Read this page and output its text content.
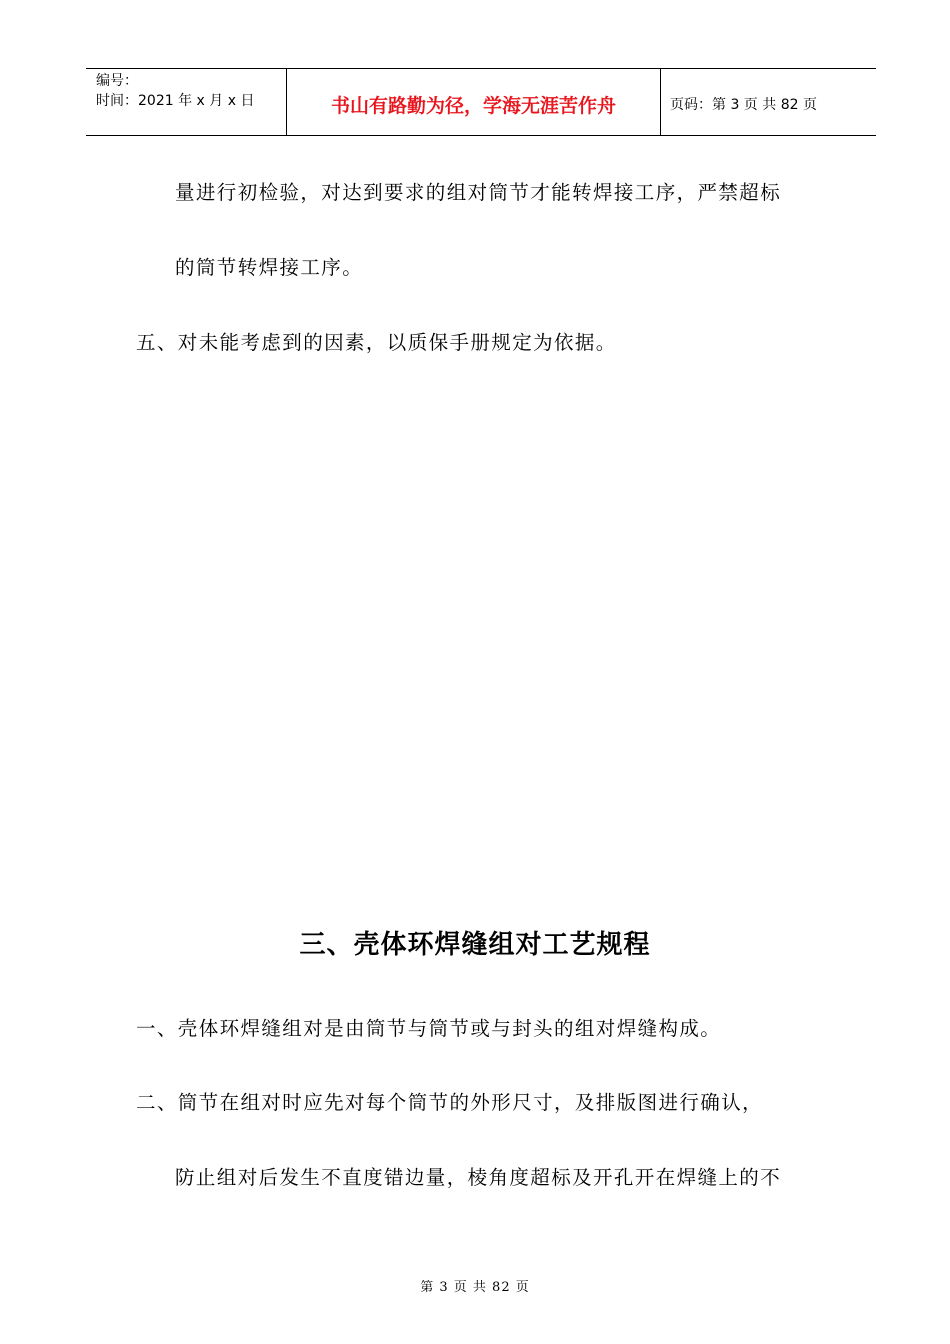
编号：
时间：2021 年 x 月 x 日	书山有路勤为径，学海无涯苦作舟	页码：第 3 页 共 82 页
量进行初检验，对达到要求的组对筒节才能转焊接工序，严禁超标
的筒节转焊接工序。
五、对未能考虑到的因素，以质保手册规定为依据。
三、壳体环焊缝组对工艺规程
一、壳体环焊缝组对是由筒节与筒节或与封头的组对焊缝构成。
二、筒节在组对时应先对每个筒节的外形尺寸，及排版图进行确认，
防止组对后发生不直度错边量，棱角度超标及开孔开在焊缝上的不
第 3 页 共 82 页
